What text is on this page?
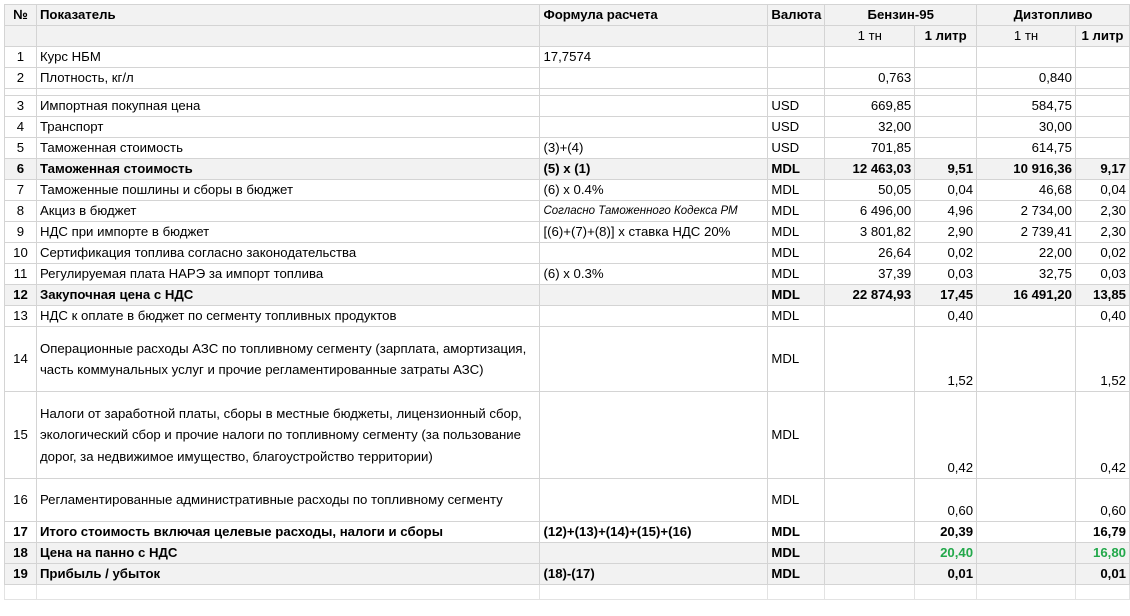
№	Показатель	Формула расчета	Валюта	Бензин-95		Дизтопливо	
				1 тн	1 литр	1 тн	1 литр
1	Курс НБМ	17,7574					
2	Плотность, кг/л			0,763		0,840	

3	Импортная покупная цена		USD	669,85		584,75	
4	Транспорт		USD	32,00		30,00	
5	Таможенная стоимость	(3)+(4)	USD	701,85		614,75	
6	Таможенная стоимость	(5) x (1)	MDL	12 463,03	9,51	10 916,36	9,17
7	Таможенные пошлины и сборы в бюджет	(6) x 0.4%	MDL	50,05	0,04	46,68	0,04
8	Акциз в бюджет	Согласно Таможенного Кодекса РМ	MDL	6 496,00	4,96	2 734,00	2,30
9	НДС при импорте в бюджет	[(6)+(7)+(8)] x ставка НДС 20%	MDL	3 801,82	2,90	2 739,41	2,30
10	Сертификация топлива согласно законодательства		MDL	26,64	0,02	22,00	0,02
11	Регулируемая плата НАРЭ за импорт топлива	(6) x 0.3%	MDL	37,39	0,03	32,75	0,03
12	Закупочная цена с НДС		MDL	22 874,93	17,45	16 491,20	13,85
13	НДС к оплате в бюджет по сегменту топливных продуктов		MDL		0,40		0,40
14	Операционные расходы АЗС по топливному сегменту (зарплата, амортизация, часть коммунальных услуг и прочие регламентированные затраты АЗС)		MDL		1,52		1,52
15	Налоги от заработной платы, сборы в местные бюджеты, лицензионный сбор, экологический сбор и прочие налоги по топливному сегменту (за пользование дорог, за недвижимое имущество, благоустройство территории)		MDL		0,42		0,42
16	Регламентированные административные расходы по топливному сегменту		MDL		0,60		0,60
17	Итого стоимость включая целевые расходы, налоги и сборы	(12)+(13)+(14)+(15)+(16)	MDL		20,39		16,79
18	Цена на панно с НДС		MDL		20,40		16,80
19	Прибыль / убыток	(18)-(17)	MDL		0,01		0,01
